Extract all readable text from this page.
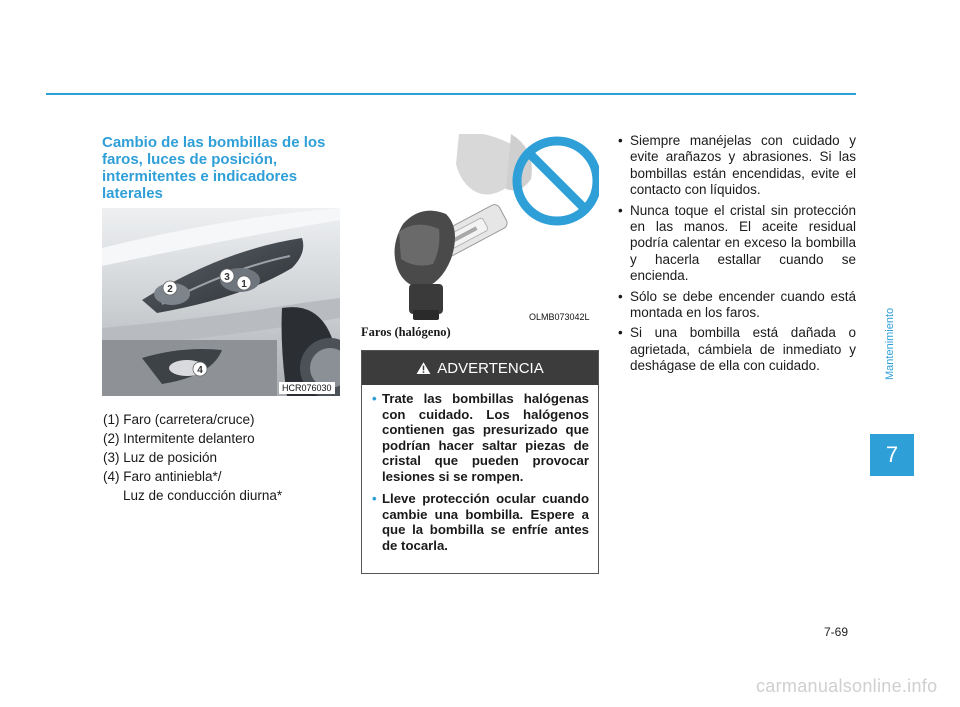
Cambio de las bombillas de los faros, luces de posición, intermitentes e indicadores laterales
1
2
3
4
HCR076030
(1) Faro (carretera/cruce)
(2) Intermitente delantero
(3) Luz de posición
(4) Faro antiniebla*/
Luz de conducción diurna*
OLMB073042L
Faros (halógeno)
ADVERTENCIA
• Trate las bombillas halógenas con cuidado. Los halógenos contienen gas presurizado que podrían hacer saltar piezas de cristal que pueden provocar lesiones si se rompen.
• Lleve protección ocular cuando cambie una bombilla. Espere a que la bombilla se enfríe antes de tocarla.
• Siempre manéjelas con cuidado y evite arañazos y abrasiones. Si las bombillas están encendidas, evite el contacto con líquidos.
• Nunca toque el cristal sin protección en las manos. El aceite residual podría calentar en exceso la bombilla y hacerla estallar cuando se encienda.
• Sólo se debe encender cuando está montada en los faros.
• Si una bombilla está dañada o agrietada, cámbiela de inmediato y deshágase de ella con cuidado.	Mantenimiento
7
7-69
carmanualsonline.info
